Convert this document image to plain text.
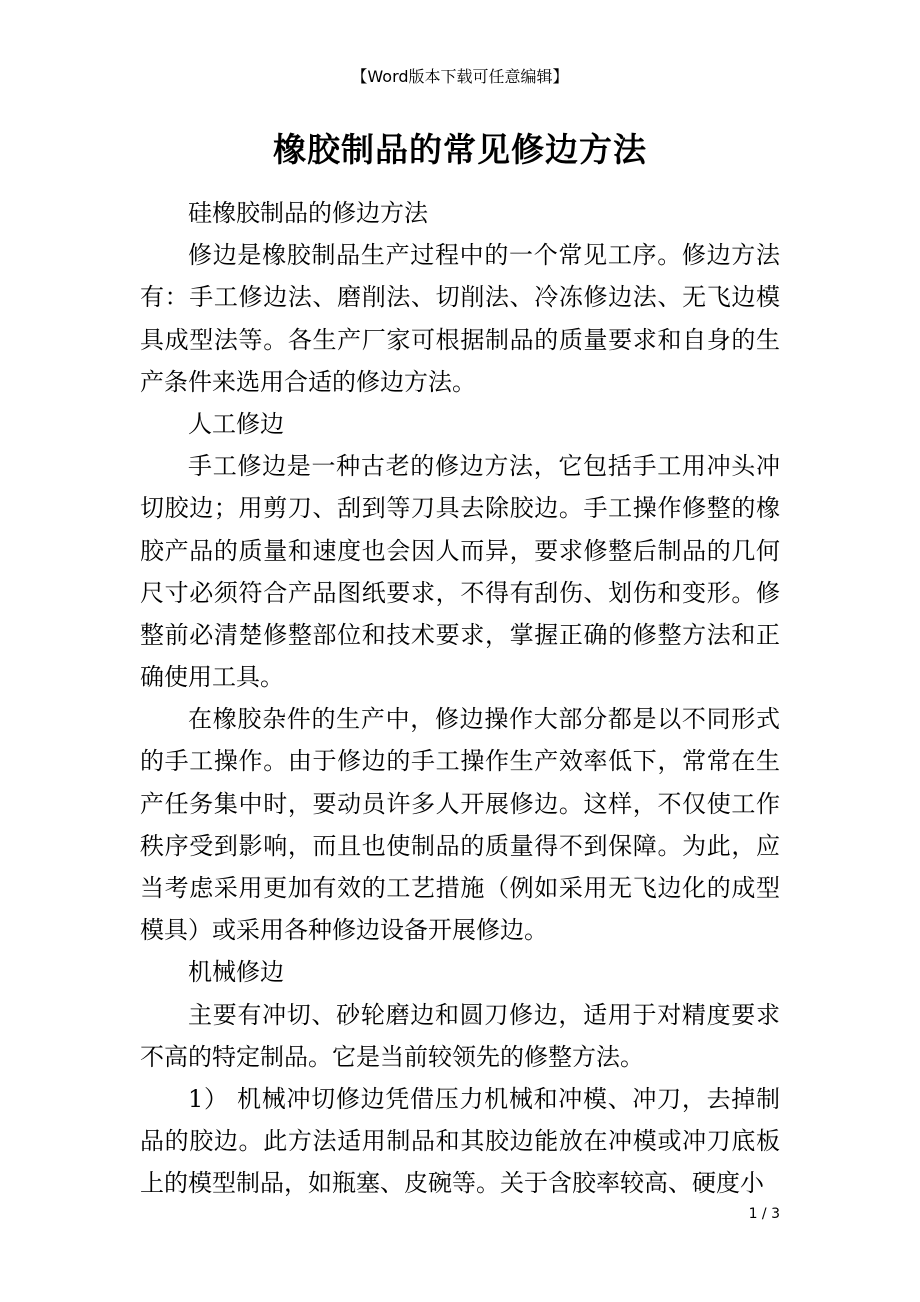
【Word版本下载可任意编辑】
橡胶制品的常见修边方法
硅橡胶制品的修边方法
修边是橡胶制品生产过程中的一个常见工序。修边方法
有：手工修边法、磨削法、切削法、冷冻修边法、无飞边模
具成型法等。各生产厂家可根据制品的质量要求和自身的生
产条件来选用合适的修边方法。
人工修边
手工修边是一种古老的修边方法，它包括手工用冲头冲
切胶边；用剪刀、刮到等刀具去除胶边。手工操作修整的橡
胶产品的质量和速度也会因人而异，要求修整后制品的几何
尺寸必须符合产品图纸要求，不得有刮伤、划伤和变形。修
整前必清楚修整部位和技术要求，掌握正确的修整方法和正
确使用工具。
在橡胶杂件的生产中，修边操作大部分都是以不同形式
的手工操作。由于修边的手工操作生产效率低下，常常在生
产任务集中时，要动员许多人开展修边。这样，不仅使工作
秩序受到影响，而且也使制品的质量得不到保障。为此，应
当考虑采用更加有效的工艺措施（例如采用无飞边化的成型
模具）或采用各种修边设备开展修边。
机械修边
主要有冲切、砂轮磨边和圆刀修边，适用于对精度要求
不高的特定制品。它是当前较领先的修整方法。
1） 机械冲切修边凭借压力机械和冲模、冲刀，去掉制
品的胶边。此方法适用制品和其胶边能放在冲模或冲刀底板
上的模型制品，如瓶塞、皮碗等。关于含胶率较高、硬度小
1 / 3
